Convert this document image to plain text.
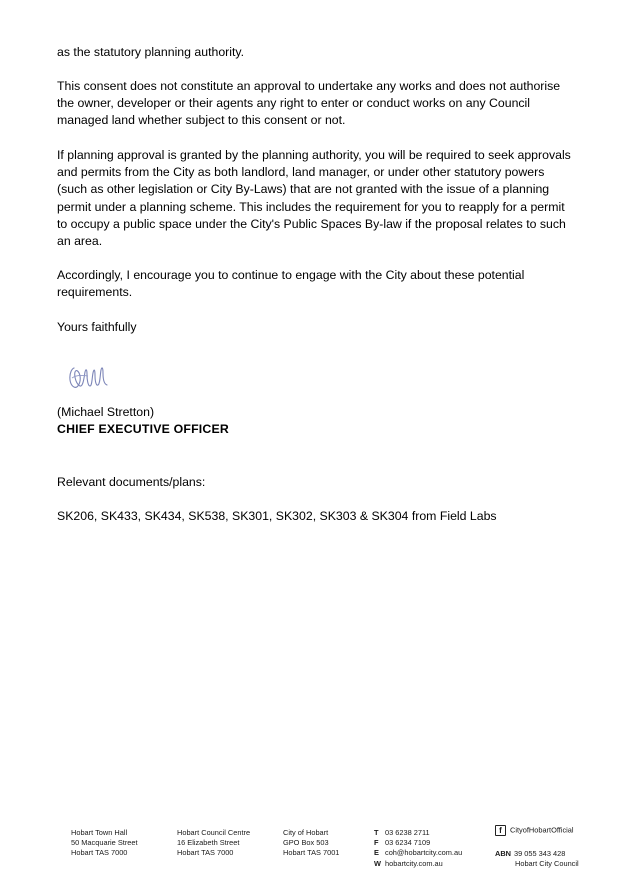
as the statutory planning authority.
This consent does not constitute an approval to undertake any works and does not authorise
the owner, developer or their agents any right to enter or conduct works on any Council
managed land whether subject to this consent or not.
If planning approval is granted by the planning authority, you will be required to seek approvals
and permits from the City as both landlord, land manager, or under other statutory powers
(such as other legislation or City By-Laws) that are not granted with the issue of a planning
permit under a planning scheme. This includes the requirement for you to reapply for a permit
to occupy a public space under the City's Public Spaces By-law if the proposal relates to such
an area.
Accordingly, I encourage you to continue to engage with the City about these potential
requirements.
Yours faithfully
(Michael Stretton)
CHIEF EXECUTIVE OFFICER
Relevant documents/plans:
SK206, SK433, SK434, SK538, SK301, SK302, SK303 & SK304 from Field Labs
Hobart Town Hall
50 Macquarie Street
Hobart TAS 7000
Hobart Council Centre
16 Elizabeth Street
Hobart TAS 7000
City of Hobart
GPO Box 503
Hobart TAS 7001
T 03 6238 2711
F 03 6234 7109
E coh@hobartcity.com.au
W hobartcity.com.au
f CityofHobartOfficial
ABN 39 055 343 428
Hobart City Council
